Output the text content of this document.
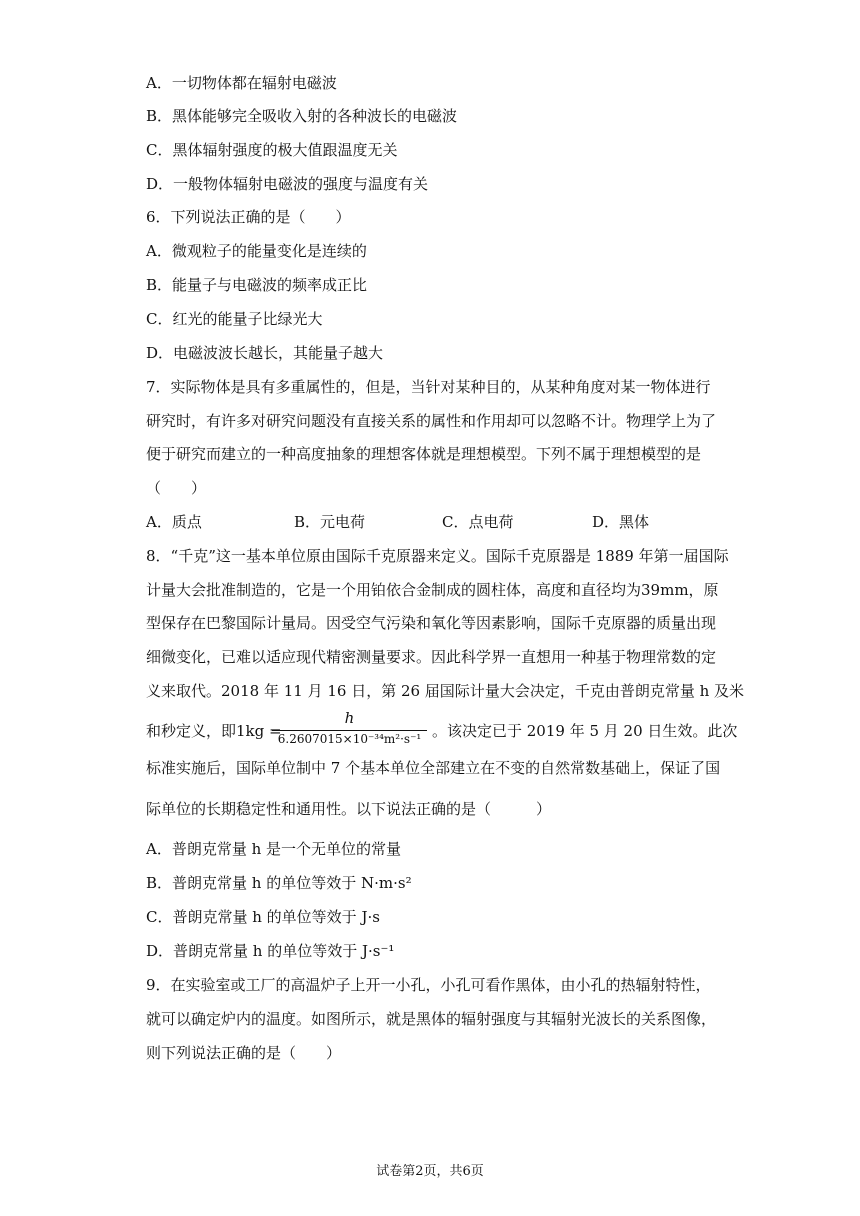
A．一切物体都在辐射电磁波
B．黑体能够完全吸收入射的各种波长的电磁波
C．黑体辐射强度的极大值跟温度无关
D．一般物体辐射电磁波的强度与温度有关
6．下列说法正确的是（　　）
A．微观粒子的能量变化是连续的
B．能量子与电磁波的频率成正比
C．红光的能量子比绿光大
D．电磁波波长越长，其能量子越大
7．实际物体是具有多重属性的，但是，当针对某种目的，从某种角度对某一物体进行
研究时，有许多对研究问题没有直接关系的属性和作用却可以忽略不计。物理学上为了
便于研究而建立的一种高度抽象的理想客体就是理想模型。下列不属于理想模型的是
（　　）
8．“千克”这一基本单位原由国际千克原器来定义。国际千克原器是 1889 年第一届国际
计量大会批准制造的，它是一个用铂依合金制成的圆柱体，高度和直径均为39mm，原
型保存在巴黎国际计量局。因受空气污染和氧化等因素影响，国际千克原器的质量出现
细微变化，已难以适应现代精密测量要求。因此科学界一直想用一种基于物理常数的定
义来取代。2018 年 11 月 16 日，第 26 届国际计量大会决定，千克由普朗克常量 h 及米
标准实施后，国际单位制中 7 个基本单位全部建立在不变的自然常数基础上，保证了国
际单位的长期稳定性和通用性。以下说法正确的是（　　　）
A．普朗克常量 h 是一个无单位的常量
B．普朗克常量 h 的单位等效于 N·m·s²
C．普朗克常量 h 的单位等效于 J·s
D．普朗克常量 h 的单位等效于 J·s⁻¹
9．在实验室或工厂的高温炉子上开一小孔，小孔可看作黑体，由小孔的热辐射特性，
就可以确定炉内的温度。如图所示，就是黑体的辐射强度与其辐射光波长的关系图像，
则下列说法正确的是（　　）
A．质点	B．元电荷	C．点电荷	D．黑体
和秒定义，即1kg =
h
6.2607015×10⁻³⁴m²·s⁻¹ 。该决定已于 2019 年 5 月 20 日生效。此次
试卷第2页，共6页
